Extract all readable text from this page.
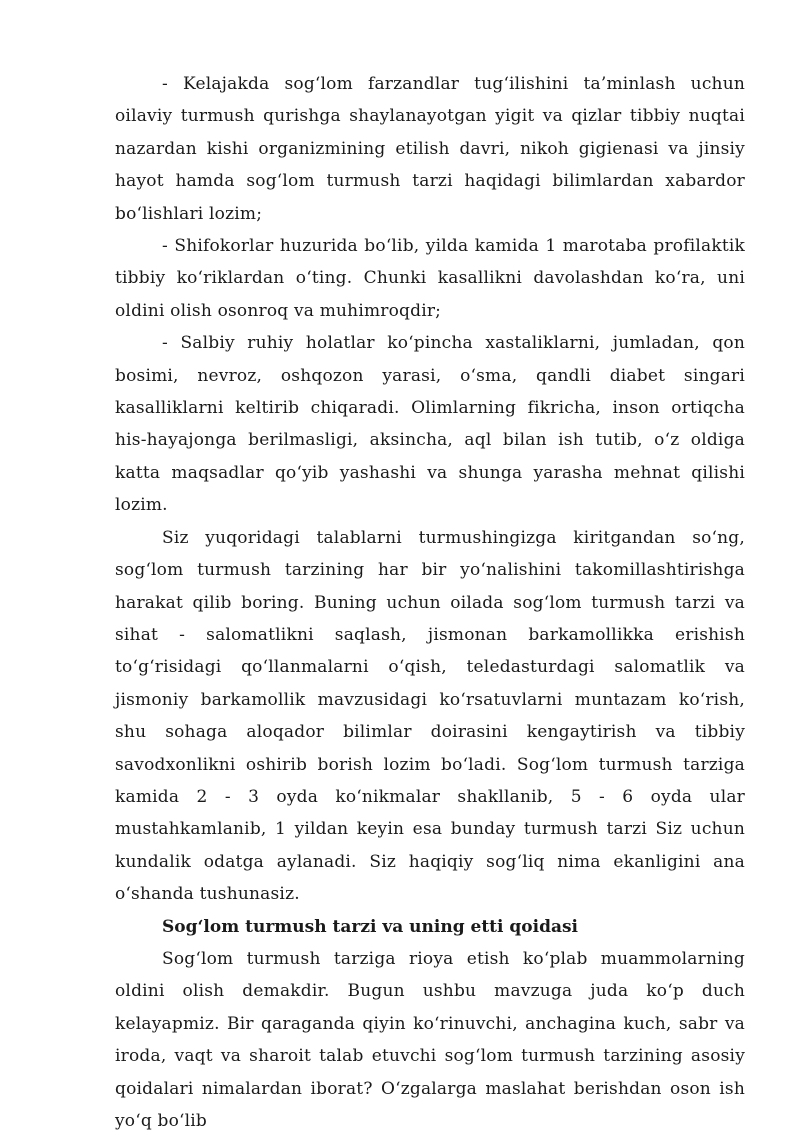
- Kelajakda sog‘lom farzandlar tug‘ilishini ta’minlash uchun oilaviy turmush qurishga shaylanayotgan yigit va qizlar tibbiy nuqtai nazardan kishi organizmining etilish davri, nikoh gigienasi va jinsiy hayot hamda sog‘lom turmush tarzi haqidagi bilimlardan xabardor bo‘lishlari lozim;

- Shifokorlar huzurida bo‘lib, yilda kamida 1 marotaba profilaktik tibbiy ko‘riklardan o‘ting. Chunki kasallikni davolashdan ko‘ra, uni oldini olish osonroq va muhimroqdir;

- Salbiy ruhiy holatlar ko‘pincha xastaliklarni, jumladan, qon bosimi, nevroz, oshqozon yarasi, o‘sma, qandli diabet singari kasalliklarni keltirib chiqaradi. Olimlarning fikricha, inson ortiqcha his-hayajonga berilmasligi, aksincha, aql bilan ish tutib, o‘z oldiga katta maqsadlar qo‘yib yashashi va shunga yarasha mehnat qilishi lozim.

Siz yuqoridagi talablarni turmushingizga kiritgandan so‘ng, sog‘lom turmush tarzining har bir yo‘nalishini takomillashtirishga harakat qilib boring. Buning uchun oilada sog‘lom turmush tarzi va sihat - salomatlikni saqlash, jismonan barkamollikka erishish to‘g‘risidagi qo‘llanmalarni o‘qish, teledasturdagi salomatlik va jismoniy barkamollik mavzusidagi ko‘rsatuvlarni muntazam ko‘rish, shu sohaga aloqador bilimlar doirasini kengaytirish va tibbiy savodxonlikni oshirib borish lozim bo‘ladi. Sog‘lom turmush tarziga kamida 2 - 3 oyda ko‘nikmalar shakllanib, 5 - 6 oyda ular mustahkamlanib, 1 yildan keyin esa bunday turmush tarzi Siz uchun kundalik odatga aylanadi. Siz haqiqiy sog‘liq nima ekanligini ana o‘shanda tushunasiz.

Sog‘lom turmush tarzi va uning etti qoidasi

Sog‘lom turmush tarziga rioya etish ko‘plab muammolarning oldini olish demakdir. Bugun ushbu mavzuga juda ko‘p duch kelayapmiz. Bir qaraganda qiyin ko‘rinuvchi, anchagina kuch, sabr va iroda, vaqt va sharoit talab etuvchi sog‘lom turmush tarzining asosiy qoidalari nimalardan iborat? O‘zgalarga maslahat berishdan oson ish yo‘q bo‘lib
